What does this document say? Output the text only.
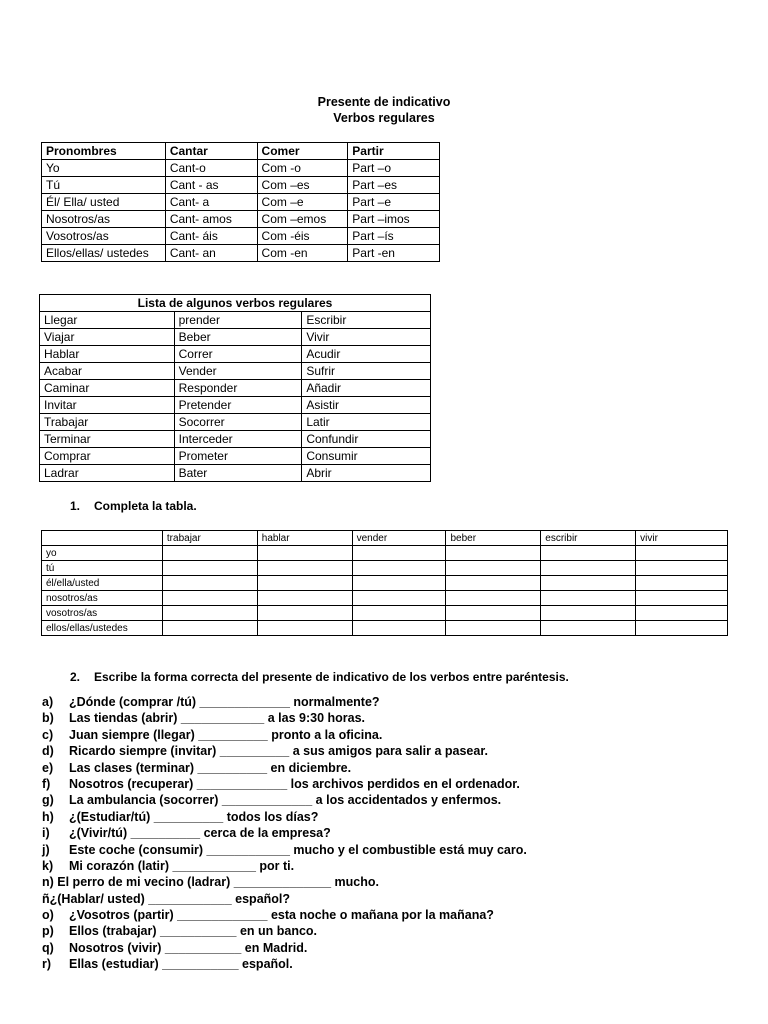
Presente de indicativo
Verbos regulares
Pronombres	Cantar	Comer	Partir
Yo	Cant-o	Com -o	Part –o
Tú	Cant - as	Com –es	Part –es
Él/ Ella/ usted	Cant- a	Com –e	Part –e
Nosotros/as	Cant- amos	Com –emos	Part –imos
Vosotros/as	Cant- áis	Com -éis	Part –ís
Ellos/ellas/ ustedes	Cant- an	Com -en	Part -en
Lista de algunos verbos regulares		
Llegar	prender	Escribir
Viajar	Beber	Vivir
Hablar	Correr	Acudir
Acabar	Vender	Sufrir
Caminar	Responder	Añadir
Invitar	Pretender	Asistir
Trabajar	Socorrer	Latir
Terminar	Interceder	Confundir
Comprar	Prometer	Consumir
Ladrar	Bater	Abrir
1. Completa la tabla.
	trabajar	hablar	vender	beber	escribir	vivir
yo						
tú						
él/ella/usted						
nosotros/as						
vosotros/as						
ellos/ellas/ustedes						
2. Escribe la forma correcta del presente de indicativo de los verbos entre paréntesis.
a) ¿Dónde (comprar /tú) _____________ normalmente?
b) Las tiendas (abrir) ____________ a las 9:30 horas.
c) Juan siempre (llegar) __________ pronto a la oficina.
d) Ricardo siempre (invitar) __________ a sus amigos para salir a pasear.
e) Las clases (terminar) __________ en diciembre.
f) Nosotros (recuperar) _____________ los archivos perdidos en el ordenador.
g) La ambulancia (socorrer) _____________ a los accidentados y enfermos.
h) ¿(Estudiar/tú) __________ todos los días?
i) ¿(Vivir/tú) __________ cerca de la empresa?
j) Este coche (consumir) ____________ mucho y el combustible está muy caro.
k) Mi corazón (latir) ____________ por ti.
n) El perro de mi vecino (ladrar) ______________ mucho.
ñ¿(Hablar/ usted) ____________ español?
o) ¿Vosotros (partir) _____________ esta noche o mañana por la mañana?
p) Ellos (trabajar) ___________ en un banco.
q) Nosotros (vivir) ___________ en Madrid.
r) Ellas (estudiar) ___________ español.
